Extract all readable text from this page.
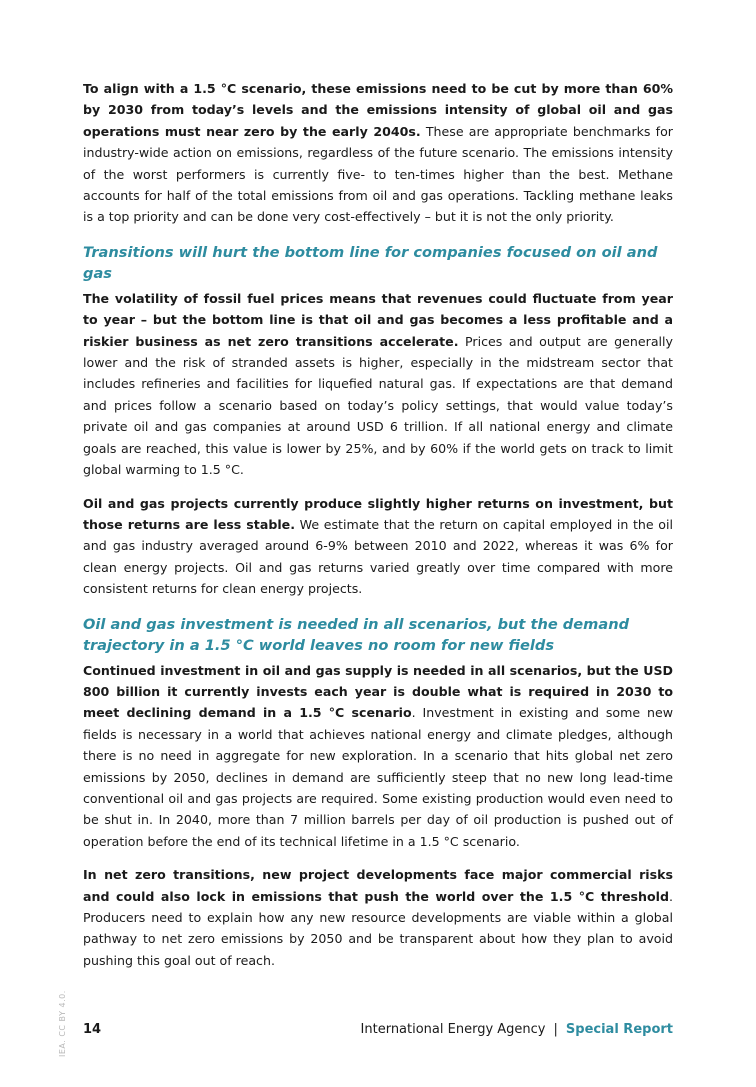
To align with a 1.5 °C scenario, these emissions need to be cut by more than 60% by 2030 from today’s levels and the emissions intensity of global oil and gas operations must near zero by the early 2040s. These are appropriate benchmarks for industry-wide action on emissions, regardless of the future scenario. The emissions intensity of the worst performers is currently five- to ten-times higher than the best. Methane accounts for half of the total emissions from oil and gas operations. Tackling methane leaks is a top priority and can be done very cost-effectively – but it is not the only priority.

Transitions will hurt the bottom line for companies focused on oil and gas

The volatility of fossil fuel prices means that revenues could fluctuate from year to year – but the bottom line is that oil and gas becomes a less profitable and a riskier business as net zero transitions accelerate. Prices and output are generally lower and the risk of stranded assets is higher, especially in the midstream sector that includes refineries and facilities for liquefied natural gas. If expectations are that demand and prices follow a scenario based on today’s policy settings, that would value today’s private oil and gas companies at around USD 6 trillion. If all national energy and climate goals are reached, this value is lower by 25%, and by 60% if the world gets on track to limit global warming to 1.5 °C.

Oil and gas projects currently produce slightly higher returns on investment, but those returns are less stable. We estimate that the return on capital employed in the oil and gas industry averaged around 6-9% between 2010 and 2022, whereas it was 6% for clean energy projects. Oil and gas returns varied greatly over time compared with more consistent returns for clean energy projects.

Oil and gas investment is needed in all scenarios, but the demand trajectory in a 1.5 °C world leaves no room for new fields

Continued investment in oil and gas supply is needed in all scenarios, but the USD 800 billion it currently invests each year is double what is required in 2030 to meet declining demand in a 1.5 °C scenario. Investment in existing and some new fields is necessary in a world that achieves national energy and climate pledges, although there is no need in aggregate for new exploration. In a scenario that hits global net zero emissions by 2050, declines in demand are sufficiently steep that no new long lead-time conventional oil and gas projects are required. Some existing production would even need to be shut in. In 2040, more than 7 million barrels per day of oil production is pushed out of operation before the end of its technical lifetime in a 1.5 °C scenario.

In net zero transitions, new project developments face major commercial risks and could also lock in emissions that push the world over the 1.5 °C threshold. Producers need to explain how any new resource developments are viable within a global pathway to net zero emissions by 2050 and be transparent about how they plan to avoid pushing this goal out of reach.

IEA. CC BY 4.0.	14	International Energy Agency | Special Report
